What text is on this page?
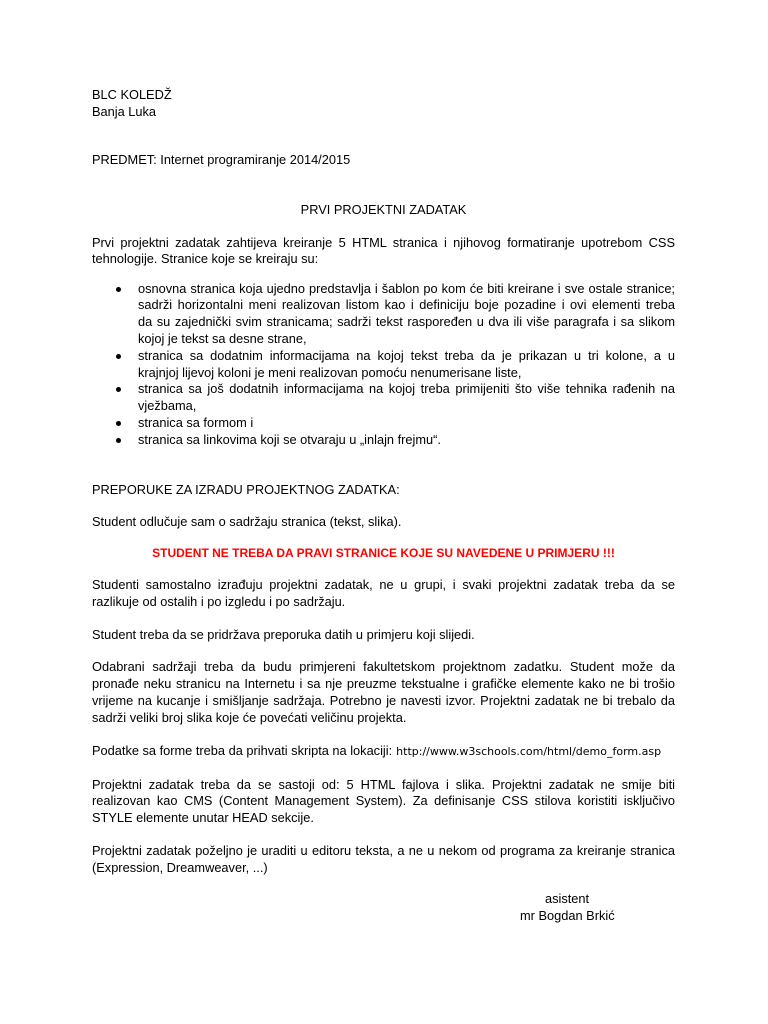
BLC KOLEDŽ
Banja Luka
PREDMET: Internet programiranje 2014/2015
PRVI PROJEKTNI ZADATAK
Prvi projektni zadatak zahtijeva kreiranje 5 HTML stranica i njihovog formatiranje upotrebom CSS
tehnologije. Stranice koje se kreiraju su:
osnovna stranica koja ujedno predstavlja i šablon po kom će biti kreirane i sve ostale stranice;
sadrži horizontalni meni realizovan listom kao i definiciju boje pozadine i ovi elementi treba
da su zajednički svim stranicama; sadrži tekst raspoređen u dva ili više paragrafa i sa slikom
kojoj je tekst sa desne strane,
stranica sa dodatnim informacijama na kojoj tekst treba da je prikazan u tri kolone, a u
krajnjoj lijevoj koloni je meni realizovan pomoću nenumerisane liste,
stranica sa još dodatnih informacijama na kojoj treba primijeniti što više tehnika rađenih na
vježbama,
stranica sa formom i
stranica sa linkovima koji se otvaraju u „inlajn frejmu“.
PREPORUKE ZA IZRADU PROJEKTNOG ZADATKA:
Student odlučuje sam o sadržaju stranica (tekst, slika).
STUDENT NE TREBA DA PRAVI STRANICE KOJE SU NAVEDENE U PRIMJERU !!!
Studenti samostalno izrađuju projektni zadatak, ne u grupi, i svaki projektni zadatak treba da se
razlikuje od ostalih i po izgledu i po sadržaju.
Student treba da se pridržava preporuka datih u primjeru koji slijedi.
Odabrani sadržaji treba da budu primjereni fakultetskom projektnom zadatku. Student može da
pronađe neku stranicu na Internetu i sa nje preuzme tekstualne i grafičke elemente kako ne bi trošio
vrijeme na kucanje i smišljanje sadržaja. Potrebno je navesti izvor. Projektni zadatak ne bi trebalo da
sadrži veliki broj slika koje će povećati veličinu projekta.
Podatke sa forme treba da prihvati skripta na lokaciji: http://www.w3schools.com/html/demo_form.asp
Projektni zadatak treba da se sastoji od: 5 HTML fajlova i slika. Projektni zadatak ne smije biti
realizovan kao CMS (Content Management System). Za definisanje CSS stilova koristiti isključivo
STYLE elemente unutar HEAD sekcije.
Projektni zadatak poželjno je uraditi u editoru teksta, a ne u nekom od programa za kreiranje stranica
(Expression, Dreamweaver, ...)
asistent
mr Bogdan Brkić
